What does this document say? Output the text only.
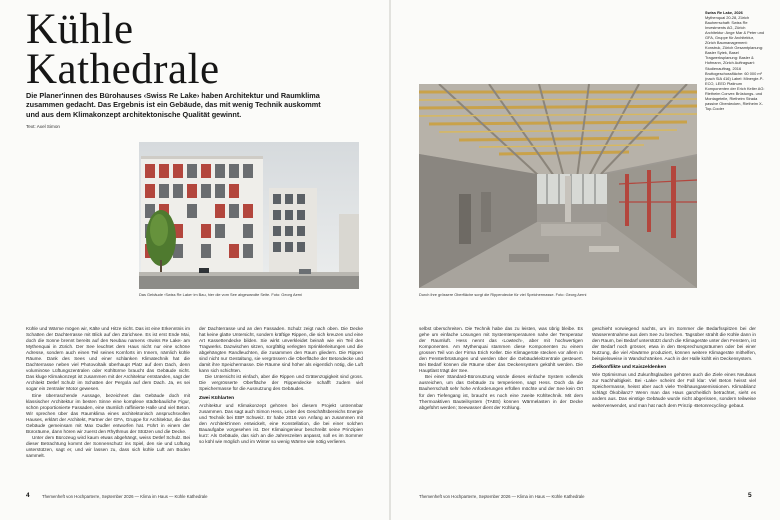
Kühle
Kathedrale

Die Planer'innen des Bürohauses ‹Swiss Re Lake› haben Architektur und Raumklima zusammen gedacht. Das Ergebnis ist ein Gebäude, das mit wenig Technik auskommt und aus dem Klimakonzept architektonische Qualität gewinnt.

Text: Axel Simon
Das Gebäude ‹Swiss Re Lake› im Bau, hier die vom See abgewandte Seite. Foto: Georg Aerni

Kühle und Wärme mögen wir, Kälte und Hitze nicht. Das ist eine Erkenntnis im Schatten der Dachterrasse mit Blick auf den Zürichsee. Es ist erst Ende Mai, doch die Sonne brennt bereits auf den Neubau namens ‹Swiss Re Lake› am Mythenquai in Zürich. Der See leuchtet dem Haus nicht nur eine schöne Adresse, sondern auch einen Teil seines Komforts im Innern, nämlich kühle Räume. Dank des Sees und einer schlanken Klimatechnik hat die Dachterrasse neben viel Photovoltaik überhaupt Platz auf dem Dach, denn voluminöse Lüftungszentralen oder Kühltürme braucht das Gebäude nicht. Das kluge Klimakonzept ist zusammen mit der Architektur entstanden, sagt der Architekt Detlef Schulz im Schatten der Pergola auf dem Dach. Ja, es sei sogar ein zentraler Motor gewesen.

Eine überraschende Aussage, bezeichnet das Gebäude doch mit klassischer Architektur im besten Sinne eine komplexe städtebauliche Figur, schön proportionierte Fassaden, eine räumlich raffinierte Halle und viel Beton. Wir sprechen über das Raumklima eines architektonisch anspruchsvollen Hauses, erklärt der Architekt, Partner der GFA, Gruppe für Architektur, die das Gebäude gemeinsam mit Max Dudler entworfen hat. Führt in einem der Büroräume, dann hören wir zuerst den Rhythmus der Stützen und die Decke.

Unter dem Bürozeug wird kaum etwas abgehängt, weiss Detlef Schulz. Bei dieser Betrachtung kommt der Sonnenschutz ins Spiel, den sie und Lüftung unterstützen, sagt er, und wir lassen zu, dass sich kühle Luft am Boden sammelt.

der Dachterrasse und an den Fassaden. Schulz zeigt nach oben. Die Decke hat keine glatte Untersicht, sondern kräftige Rippen, die sich kreuzen und eine Art Kassettendecke bilden. Sie wirkt unverkleidet beinah wie ein Teil des Tragwerks. Dazwischen sitzen, sorgfältig verlegten Sprinklerleitungen und die abgehängten Randleuchten, die zusammen den Raum gliedern. Die Rippen sind nicht nur Gestaltung, sie vergrössern die Oberfläche der Betondecke und damit ihre Speichermasse. Die Räume sind höher als eigentlich nötig, die Luft kann sich schichten.

Die Untersicht ist einfach, aber die Rippen und Grätenzügigkeit sind gross. Die vergrösserte Oberfläche der Rippendecke schafft zudem viel Speichermasse für die Ausnutzung des Gebäudes.

Zwei Kühlarten

Architektur und Klimakonzept gehören bei diesem Projekt untrennbar zusammen. Das sagt auch Simon Hess, Leiter des Geschäftsbereichs Energie und Technik bei EBP Schweiz. Er habe 2016 von Anfang an zusammen mit den Architekt'innen entwickelt, eine Konstellation, die bei einer solchen Bauaufgabe vorgesehen ist. Der Klimaingenieur beschreibt seine Prinzipien kurz: Als Gebäude, das sich an die Jahreszeiten anpasst, soll es im Sommer so kühl wie möglich und im Winter so wenig Wärme wie nötig verlieren.

4	Themenheft von Hochparterre, September 2026 — Klima im Haus — Kühle Kathedrale
Durch ihre grössere Oberfläche sorgt die Rippendecke für viel Speichermasse. Foto: Georg Aerni
Swiss Re Lake, 2026
Mythenquai 20-28, Zürich Bauherrschaft: Swiss Re Investments AG, Zürich Architektur: Ange Mar & Peter und GFA, Gruppe für Architektur, Zürich Baumanagement: Konstruk, Zürich Gesamtplanung: Basler Sytek, Basel Tragwerksplanung: Basler & Hofmann, Zürich Auftragsart: Studienauftrag, 2016 Bruttogeschossfläche: 60 000 m² (nach SIA 416) Label: Minergie-P-ECO, LEED Platinum Komponenten der Erich Keller AG: Rietheim Convex Brüstungs- und Montageteile, Rietheim Strada passive Oberdecken, Rietheim X-Top-Cooler

selbst überschreiten. Die Technik habe das zu leisten, was übrig bleibe. Es gehe um einfache Lösungen mit Systemtemperaturen nahe der Temperatur der Raumluft. Hess nennt das ‹Lowtech›, aber mit hochwertigen Komponenten. Am Mythenquai stammen diese Komponenten zu einem grossen Teil von der Firma Erich Keller. Die Klimagerüte stecken vor allem in den Fensterbrüstungen und werden über die Gebäudeleitzentrale gesteuert. Bei Bedarf können die Räume über das Deckensystem gekühlt werden. Die Hauptlast trägt der See.

Bei einer Standard-Büronutzung würde dieses einfache System vollends ausreichen, um das Gebäude zu temperieren, sagt Hess. Doch da die Bauherrschaft sehr hohe Anforderungen erfüllen möchte und der See kein Ort für den Tiefengang ist, braucht es noch eine zweite Kühltechnik. Mit dem Thermoaktiven Bauteilsystem (TABS) können Wärmelasten in der Decke abgeführt werden; Seewasser dient der Kühlung.

geschieht vorwiegend nachts, um im Sommer die Bedarfsspitzen bei der Wasserentnahme aus dem See zu brechen. Tagsüber strahlt die Kühle dann in den Raum, bei Bedarf unterstützt durch die Klimageräte unter den Fenstern, ist der Bedarf noch grösser, etwa in den Besprechungsräumen oder bei einer Nutzung, die viel Abwärme produziert, können weitere Klimageräte mithelfen, beispielsweise in Wandschränken. Auch in der Halle kühlt ein Deckensystem.

Zielkonflikte und Kaiszeldenken

Wie Optimismus und Zukunftsglauben gehören auch die Ziele eines Neubaus zur Nachhaltigkeit. Bei ‹Lake› scheint der Fall klar: Viel Beton heisst viel Speichermasse, heisst aber auch viele Treibhausgasemissionen. Klimabilanz schlägt Ökobilanz? Wenn man das Haus ganzheitlich betrachtet, sieht es anders aus. Das einstige Gebäude wurde nicht abgerissen, sondern teilweise weiterverwendet, und man hat nach dem Prinzip ‹Betonrecycling› gebaut.

Themenheft von Hochparterre, September 2026 — Klima im Haus — Kühle Kathedrale	5
